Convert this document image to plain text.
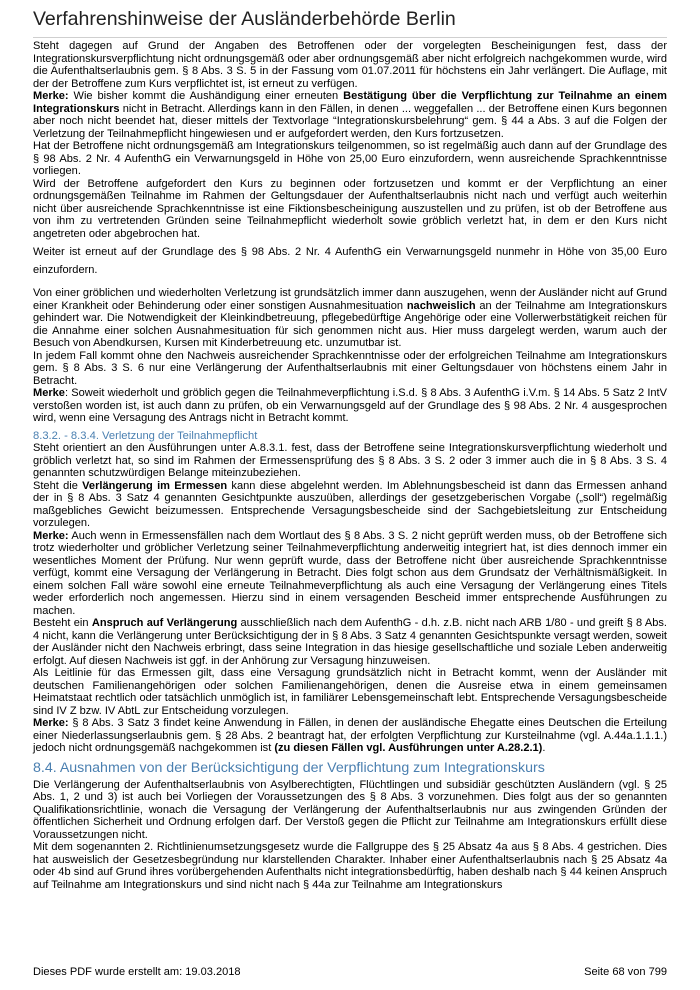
Verfahrenshinweise der Ausländerbehörde Berlin

Steht dagegen auf Grund der Angaben des Betroffenen oder der vorgelegten Bescheinigungen fest, dass der Integrationskursverpflichtung nicht ordnungsgemäß oder aber ordnungsgemäß aber nicht erfolgreich nachgekommen wurde, wird die Aufenthaltserlaubnis gem. § 8 Abs. 3 S. 5 in der Fassung vom 01.07.2011 für höchstens ein Jahr verlängert. Die Auflage, mit der der Betroffene zum Kurs verpflichtet ist, ist erneut zu verfügen.

Merke: Wie bisher kommt die Aushändigung einer erneuten Bestätigung über die Verpflichtung zur Teilnahme an einem Integrationskurs nicht in Betracht. Allerdings kann in den Fällen, in denen ... weggefallen ... der Betroffene einen Kurs begonnen aber noch nicht beendet hat, dieser mittels der Textvorlage “Integrationskursbelehrung“ gem. § 44 a Abs. 3 auf die Folgen der Verletzung der Teilnahmepflicht hingewiesen und er aufgefordert werden, den Kurs fortzusetzen.

Hat der Betroffene nicht ordnungsgemäß am Integrationskurs teilgenommen, so ist regelmäßig auch dann auf der Grundlage des § 98 Abs. 2 Nr. 4 AufenthG ein Verwarnungsgeld in Höhe von 25,00 Euro einzufordern, wenn ausreichende Sprachkenntnisse vorliegen.

Wird der Betroffene aufgefordert den Kurs zu beginnen oder fortzusetzen und kommt er der Verpflichtung an einer ordnungsgemäßen Teilnahme im Rahmen der Geltungsdauer der Aufenthaltserlaubnis nicht nach und verfügt auch weiterhin nicht über ausreichende Sprachkenntnisse ist eine Fiktionsbescheinigung auszustellen und zu prüfen, ist ob der Betroffene aus von ihm zu vertretenden Gründen seine Teilnahmepflicht wiederholt sowie gröblich verletzt hat, in dem er den Kurs nicht angetreten oder abgebrochen hat.

Weiter ist erneut auf der Grundlage des § 98 Abs. 2 Nr. 4 AufenthG ein Verwarnungsgeld nunmehr in Höhe von 35,00 Euro einzufordern.

Von einer gröblichen und wiederholten Verletzung ist grundsätzlich immer dann auszugehen, wenn der Ausländer nicht auf Grund einer Krankheit oder Behinderung oder einer sonstigen Ausnahmesituation nachweislich an der Teilnahme am Integrationskurs gehindert war. Die Notwendigkeit der Kleinkindbetreuung, pflegebedürftige Angehörige oder eine Vollerwerbstätigkeit reichen für die Annahme einer solchen Ausnahmesituation für sich genommen nicht aus. Hier muss dargelegt werden, warum auch der Besuch von Abendkursen, Kursen mit Kinderbetreuung etc. unzumutbar ist.

In jedem Fall kommt ohne den Nachweis ausreichender Sprachkenntnisse oder der erfolgreichen Teilnahme am Integrationskurs gem. § 8 Abs. 3 S. 6 nur eine Verlängerung der Aufenthaltserlaubnis mit einer Geltungsdauer von höchstens einem Jahr in Betracht.

Merke: Soweit wiederholt und gröblich gegen die Teilnahmeverpflichtung i.S.d. § 8 Abs. 3 AufenthG i.V.m. § 14 Abs. 5 Satz 2 IntV verstoßen worden ist, ist auch dann zu prüfen, ob ein Verwarnungsgeld auf der Grundlage des § 98 Abs. 2 Nr. 4 ausgesprochen wird, wenn eine Versagung des Antrags nicht in Betracht kommt.

8.3.2. - 8.3.4. Verletzung der Teilnahmepflicht

Steht orientiert an den Ausführungen unter A.8.3.1. fest, dass der Betroffene seine Integrationskursverpflichtung wiederholt und gröblich verletzt hat, so sind im Rahmen der Ermessensprüfung des § 8 Abs. 3 S. 2 oder 3 immer auch die in § 8 Abs. 3 S. 4 genannten schutzwürdigen Belange miteinzubeziehen.

Steht die Verlängerung im Ermessen kann diese abgelehnt werden. Im Ablehnungsbescheid ist dann das Ermessen anhand der in § 8 Abs. 3 Satz 4 genannten Gesichtpunkte auszuüben, allerdings der gesetzgeberischen Vorgabe („soll“) regelmäßig maßgebliches Gewicht beizumessen. Entsprechende Versagungsbescheide sind der Sachgebietsleitung zur Entscheidung vorzulegen.

Merke: Auch wenn in Ermessensfällen nach dem Wortlaut des § 8 Abs. 3 S. 2 nicht geprüft werden muss, ob der Betroffene sich trotz wiederholter und gröblicher Verletzung seiner Teilnahmeverpflichtung anderweitig integriert hat, ist dies dennoch immer ein wesentliches Moment der Prüfung. Nur wenn geprüft wurde, dass der Betroffene nicht über ausreichende Sprachkenntnisse verfügt, kommt eine Versagung der Verlängerung in Betracht. Dies folgt schon aus dem Grundsatz der Verhältnismäßigkeit. In einem solchen Fall wäre sowohl eine erneute Teilnahmeverpflichtung als auch eine Versagung der Verlängerung eines Titels weder erforderlich noch angemessen. Hierzu sind in einem versagenden Bescheid immer entsprechende Ausführungen zu machen.

Besteht ein Anspruch auf Verlängerung ausschließlich nach dem AufenthG - d.h. z.B. nicht nach ARB 1/80 - und greift § 8 Abs. 4 nicht, kann die Verlängerung unter Berücksichtigung der in § 8 Abs. 3 Satz 4 genannten Gesichtspunkte versagt werden, soweit der Ausländer nicht den Nachweis erbringt, dass seine Integration in das hiesige gesellschaftliche und soziale Leben anderweitig erfolgt. Auf diesen Nachweis ist ggf. in der Anhörung zur Versagung hinzuweisen.

Als Leitlinie für das Ermessen gilt, dass eine Versagung grundsätzlich nicht in Betracht kommt, wenn der Ausländer mit deutschen Familienangehörigen oder solchen Familienangehörigen, denen die Ausreise etwa in einem gemeinsamen Heimatstaat rechtlich oder tatsächlich unmöglich ist, in familiärer Lebensgemeinschaft lebt. Entsprechende Versagungsbescheide sind IV Z bzw. IV AbtL zur Entscheidung vorzulegen.

Merke: § 8 Abs. 3 Satz 3 findet keine Anwendung in Fällen, in denen der ausländische Ehegatte eines Deutschen die Erteilung einer Niederlassungserlaubnis gem. § 28 Abs. 2 beantragt hat, der erfolgten Verpflichtung zur Kursteilnahme (vgl. A.44a.1.1.1.) jedoch nicht ordnungsgemäß nachgekommen ist (zu diesen Fällen vgl. Ausführungen unter A.28.2.1).

8.4. Ausnahmen von der Berücksichtigung der Verpflichtung zum Integrationskurs

Die Verlängerung der Aufenthaltserlaubnis von Asylberechtigten, Flüchtlingen und subsidiär geschützten Ausländern (vgl. § 25 Abs. 1, 2 und 3) ist auch bei Vorliegen der Voraussetzungen des § 8 Abs. 3 vorzunehmen. Dies folgt aus der so genannten Qualifikationsrichtlinie, wonach die Versagung der Verlängerung der Aufenthaltserlaubnis nur aus zwingenden Gründen der öffentlichen Sicherheit und Ordnung erfolgen darf. Der Verstoß gegen die Pflicht zur Teilnahme am Integrationskurs erfüllt diese Voraussetzungen nicht.

Mit dem sogenannten 2. Richtlinienumsetzungsgesetz wurde die Fallgruppe des § 25 Absatz 4a aus § 8 Abs. 4 gestrichen. Dies hat ausweislich der Gesetzesbegründung nur klarstellenden Charakter. Inhaber einer Aufenthaltserlaubnis nach § 25 Absatz 4a oder 4b sind auf Grund ihres vorübergehenden Aufenthalts nicht integrationsbedürftig, haben deshalb nach § 44 keinen Anspruch auf Teilnahme am Integrationskurs und sind nicht nach § 44a zur Teilnahme am Integrationskurs

Dieses PDF wurde erstellt am: 19.03.2018	Seite 68 von 799
